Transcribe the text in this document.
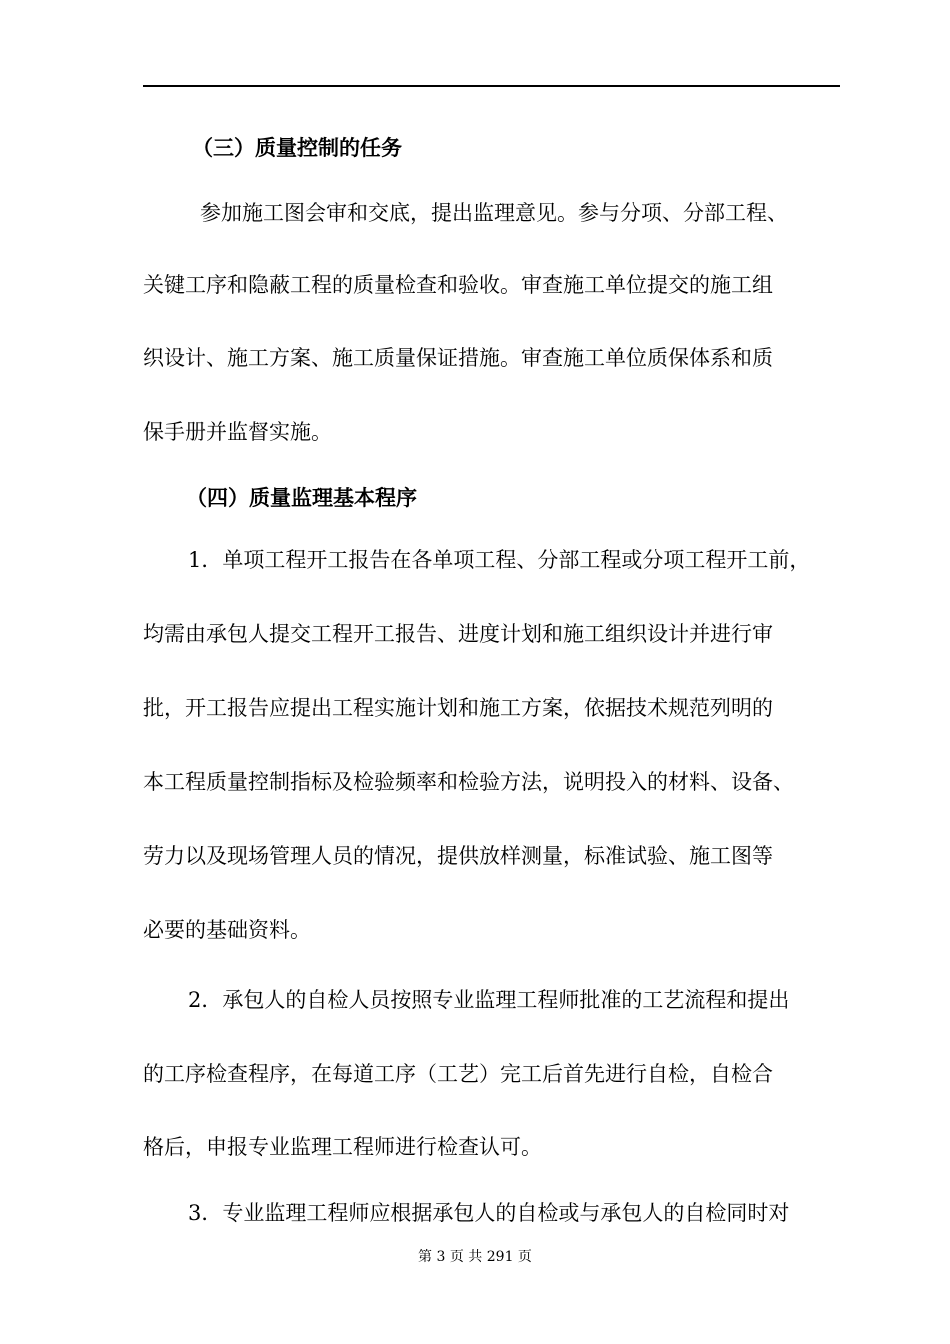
（三）质量控制的任务
参加施工图会审和交底，提出监理意见。参与分项、分部工程、
关键工序和隐蔽工程的质量检查和验收。审查施工单位提交的施工组
织设计、施工方案、施工质量保证措施。审查施工单位质保体系和质
保手册并监督实施。
（四）质量监理基本程序
1．单项工程开工报告在各单项工程、分部工程或分项工程开工前，
均需由承包人提交工程开工报告、进度计划和施工组织设计并进行审
批，开工报告应提出工程实施计划和施工方案，依据技术规范列明的
本工程质量控制指标及检验频率和检验方法，说明投入的材料、设备、
劳力以及现场管理人员的情况，提供放样测量，标准试验、施工图等
必要的基础资料。
2．承包人的自检人员按照专业监理工程师批准的工艺流程和提出
的工序检查程序，在每道工序（工艺）完工后首先进行自检，自检合
格后，申报专业监理工程师进行检查认可。
3．专业监理工程师应根据承包人的自检或与承包人的自检同时对
第 3 页 共 291 页
